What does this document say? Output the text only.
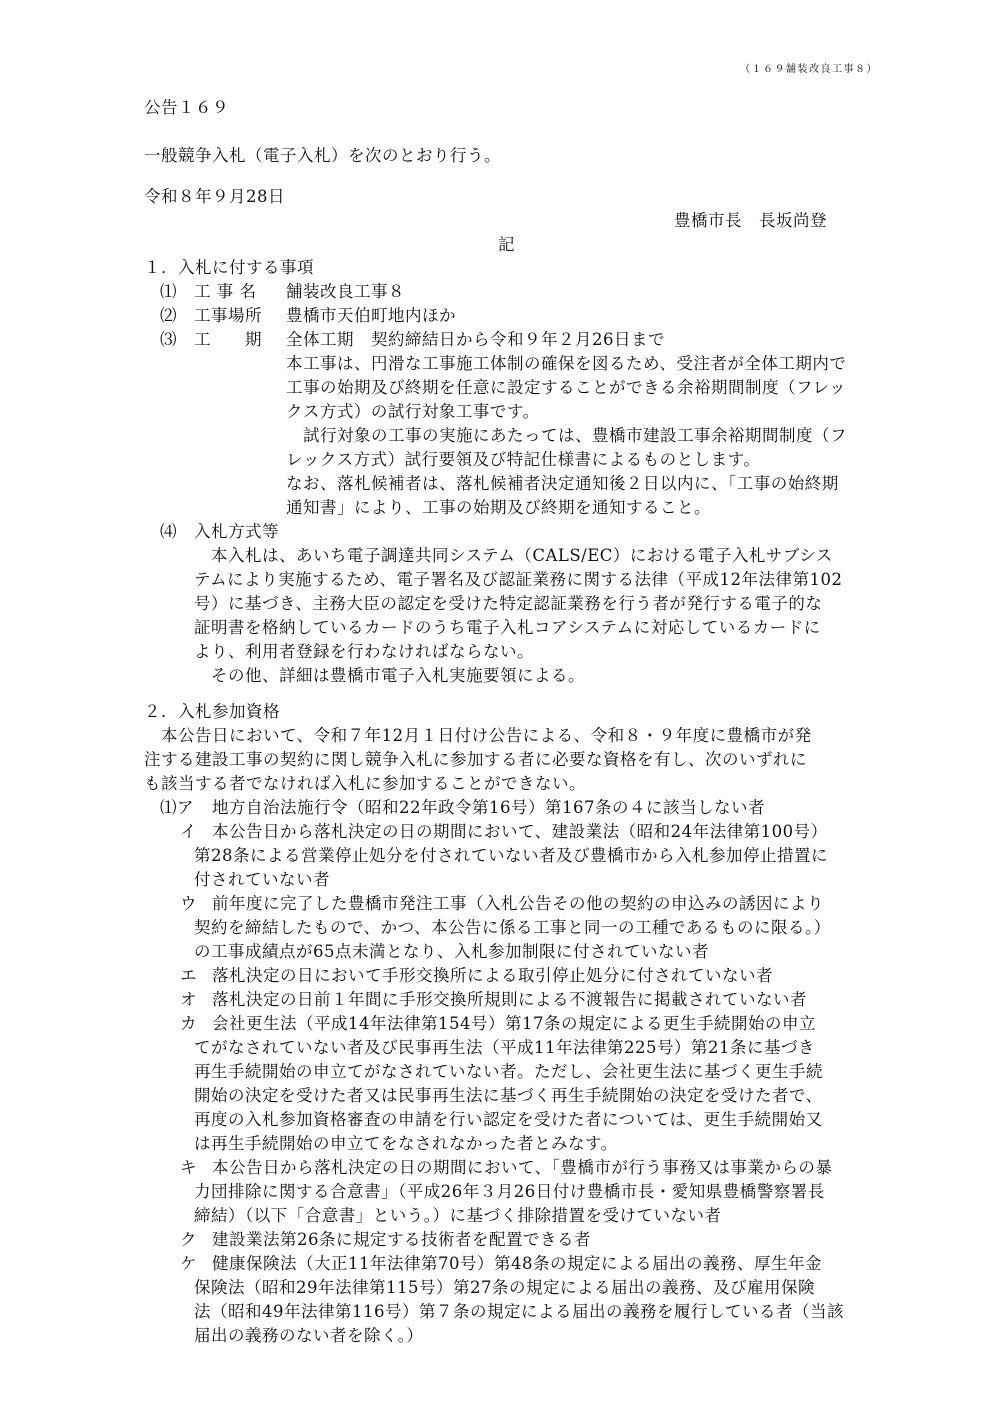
（１６９舗装改良工事８）
公告１６９
一般競争入札（電子入札）を次のとおり行う。
令和８年９月28日
豊橋市長　長坂尚登
記
１．入札に付する事項
⑴ 工 事 名 舗装改良工事８
⑵ 工事場所 豊橋市天伯町地内ほか
⑶ 工　　期 全体工期　契約締結日から令和９年２月26日まで
本工事は、円滑な工事施工体制の確保を図るため、受注者が全体工期内で
工事の始期及び終期を任意に設定することができる余裕期間制度（フレッ
クス方式）の試行対象工事です。
　試行対象の工事の実施にあたっては、豊橋市建設工事余裕期間制度（フ
レックス方式）試行要領及び特記仕様書によるものとします。
なお、落札候補者は、落札候補者決定通知後２日以内に、「工事の始終期
通知書」により、工事の始期及び終期を通知すること。
⑷ 入札方式等
　本入札は、あいち電子調達共同システム（CALS/EC）における電子入札サブシス
テムにより実施するため、電子署名及び認証業務に関する法律（平成12年法律第102
号）に基づき、主務大臣の認定を受けた特定認証業務を行う者が発行する電子的な
証明書を格納しているカードのうち電子入札コアシステムに対応しているカードに
より、利用者登録を行わなければならない。
　その他、詳細は豊橋市電子入札実施要領による。
２．入札参加資格
　本公告日において、令和７年12月１日付け公告による、令和８・９年度に豊橋市が発
注する建設工事の契約に関し競争入札に参加する者に必要な資格を有し、次のいずれに
も該当する者でなければ入札に参加することができない。
⑴ア 地方自治法施行令（昭和22年政令第16号）第167条の４に該当しない者
イ 本公告日から落札決定の日の期間において、建設業法（昭和24年法律第100号）
第28条による営業停止処分を付されていない者及び豊橋市から入札参加停止措置に
付されていない者
ウ 前年度に完了した豊橋市発注工事（入札公告その他の契約の申込みの誘因により
契約を締結したもので、かつ、本公告に係る工事と同一の工種であるものに限る。）
の工事成績点が65点未満となり、入札参加制限に付されていない者
エ 落札決定の日において手形交換所による取引停止処分に付されていない者
オ 落札決定の日前１年間に手形交換所規則による不渡報告に掲載されていない者
カ 会社更生法（平成14年法律第154号）第17条の規定による更生手続開始の申立
てがなされていない者及び民事再生法（平成11年法律第225号）第21条に基づき
再生手続開始の申立てがなされていない者。ただし、会社更生法に基づく更生手続
開始の決定を受けた者又は民事再生法に基づく再生手続開始の決定を受けた者で、
再度の入札参加資格審査の申請を行い認定を受けた者については、更生手続開始又
は再生手続開始の申立てをなされなかった者とみなす。
キ 本公告日から落札決定の日の期間において、「豊橋市が行う事務又は事業からの暴
力団排除に関する合意書」（平成26年３月26日付け豊橋市長・愛知県豊橋警察署長
締結）（以下「合意書」という。）に基づく排除措置を受けていない者
ク 建設業法第26条に規定する技術者を配置できる者
ケ 健康保険法（大正11年法律第70号）第48条の規定による届出の義務、厚生年金
保険法（昭和29年法律第115号）第27条の規定による届出の義務、及び雇用保険
法（昭和49年法律第116号）第７条の規定による届出の義務を履行している者（当該
届出の義務のない者を除く。）
